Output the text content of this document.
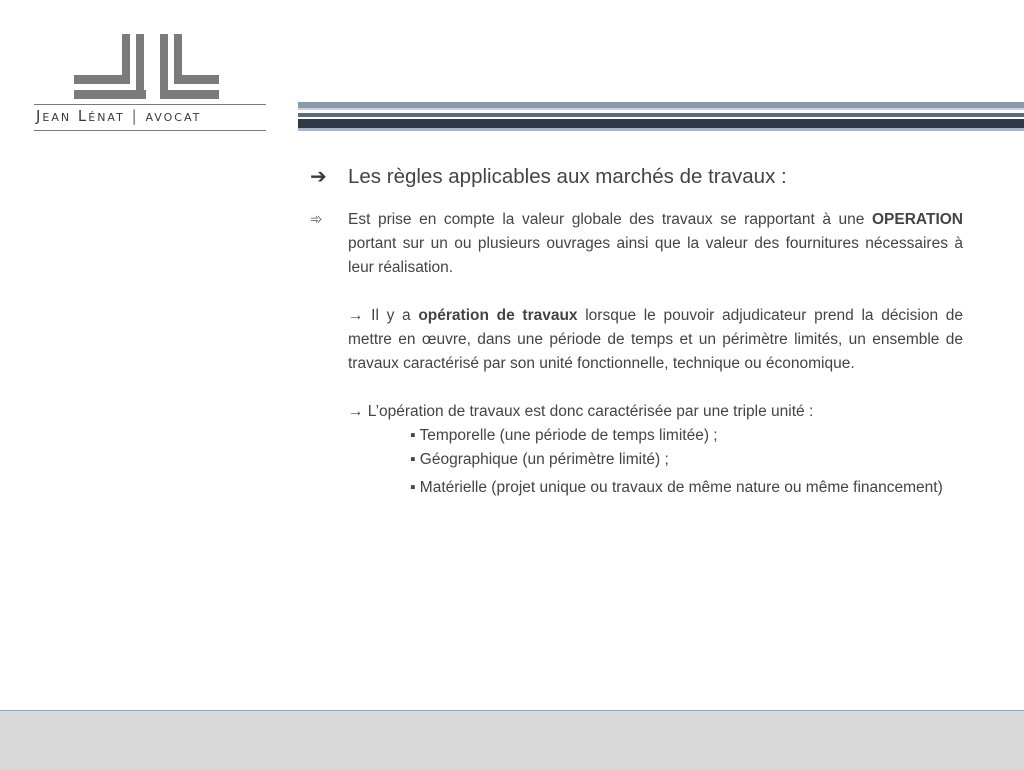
Jean Lénat | avocat
➔	Les règles applicables aux marchés de travaux :
➾	Est prise en compte la valeur globale des travaux se rapportant à une OPERATION portant sur un ou plusieurs ouvrages ainsi que la valeur des fournitures nécessaires à leur réalisation.

→ Il y a opération de travaux lorsque le pouvoir adjudicateur prend la décision de mettre en œuvre, dans une période de temps et un périmètre limités, un ensemble de travaux caractérisé par son unité fonctionnelle, technique ou économique.

→ L’opération de travaux est donc caractérisée par une triple unité :
▪ Temporelle (une période de temps limitée) ;
▪ Géographique (un périmètre limité) ;

▪ Matérielle (projet unique ou travaux de même nature ou même financement)
